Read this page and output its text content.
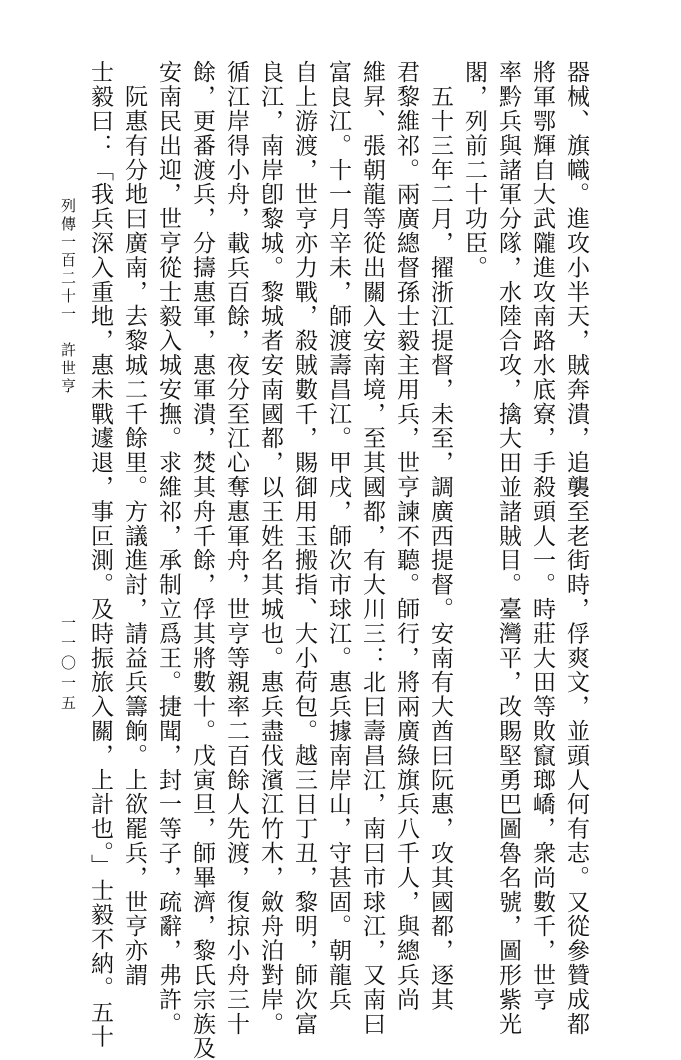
器械、旗幟。進攻小半天，賊奔潰，追襲至老街時，俘爽文，並頭人何有志。又從參贊成都
將軍鄂輝自大武隴進攻南路水底寮，手殺頭人一。時莊大田等敗竄瑯嶠，衆尚數千，世亨
率黔兵與諸軍分隊，水陸合攻，擒大田並諸賊目。臺灣平，改賜堅勇巴圖魯名號，圖形紫光
閣，列前二十功臣。
　五十三年二月，擢浙江提督，未至，調廣西提督。安南有大酋曰阮惠，攻其國都，逐其
君黎維祁。兩廣總督孫士毅主用兵，世亨諫不聽。師行，將兩廣綠旗兵八千人，與總兵尚
維昇、張朝龍等從出關入安南境，至其國都，有大川三：北曰壽昌江，南曰市球江，又南曰
富良江。十一月辛未，師渡壽昌江。甲戌，師次市球江。惠兵據南岸山，守甚固。朝龍兵
自上游渡，世亨亦力戰，殺賊數千，賜御用玉搬指、大小荷包。越三日丁丑，黎明，師次富
良江，南岸卽黎城。黎城者安南國都，以王姓名其城也。惠兵盡伐濱江竹木，斂舟泊對岸。
循江岸得小舟，載兵百餘，夜分至江心奪惠軍舟，世亨等親率二百餘人先渡，復掠小舟三十
餘，更番渡兵，分擣惠軍，惠軍潰，焚其舟千餘，俘其將數十。戊寅旦，師畢濟，黎氏宗族及
安南民出迎，世亨從士毅入城安撫。求維祁，承制立爲王。捷聞，封一等子，疏辭，弗許。
　阮惠有分地曰廣南，去黎城二千餘里。方議進討，請益兵籌餉。上欲罷兵，世亨亦謂
士毅曰：「我兵深入重地，惠未戰遽退，事叵測。及時振旅入關，上計也。」士毅不納。五十
列傳一百二十一　許世亨
一一〇一五
